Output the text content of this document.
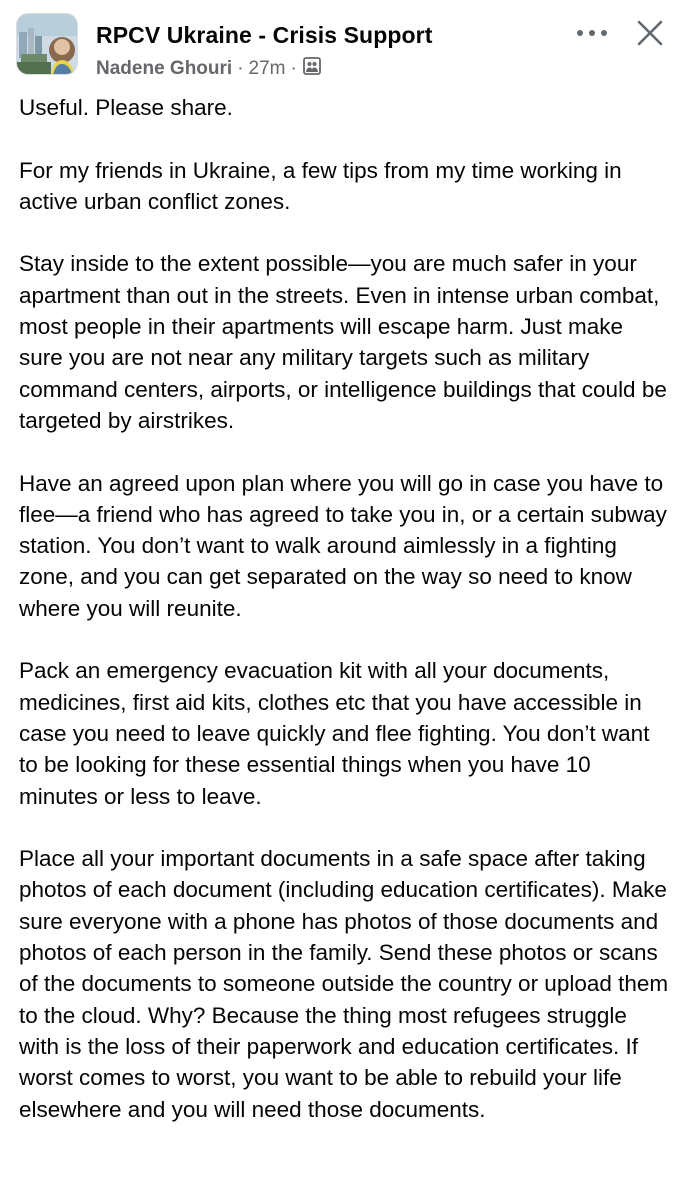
RPCV Ukraine - Crisis Support
Nadene Ghouri · 27m ·

Useful. Please share.

For my friends in Ukraine, a few tips from my time working in active urban conflict zones.

Stay inside to the extent possible—you are much safer in your apartment than out in the streets. Even in intense urban combat, most people in their apartments will escape harm. Just make sure you are not near any military targets such as military command centers, airports, or intelligence buildings that could be targeted by airstrikes.

Have an agreed upon plan where you will go in case you have to flee—a friend who has agreed to take you in, or a certain subway station. You don’t want to walk around aimlessly in a fighting zone, and you can get separated on the way so need to know where you will reunite.

Pack an emergency evacuation kit with all your documents, medicines, first aid kits, clothes etc that you have accessible in case you need to leave quickly and flee fighting. You don’t want to be looking for these essential things when you have 10 minutes or less to leave.

Place all your important documents in a safe space after taking photos of each document (including education certificates). Make sure everyone with a phone has photos of those documents and photos of each person in the family. Send these photos or scans of the documents to someone outside the country or upload them to the cloud. Why? Because the thing most refugees struggle with is the loss of their paperwork and education certificates. If worst comes to worst, you want to be able to rebuild your life elsewhere and you will need those documents.
